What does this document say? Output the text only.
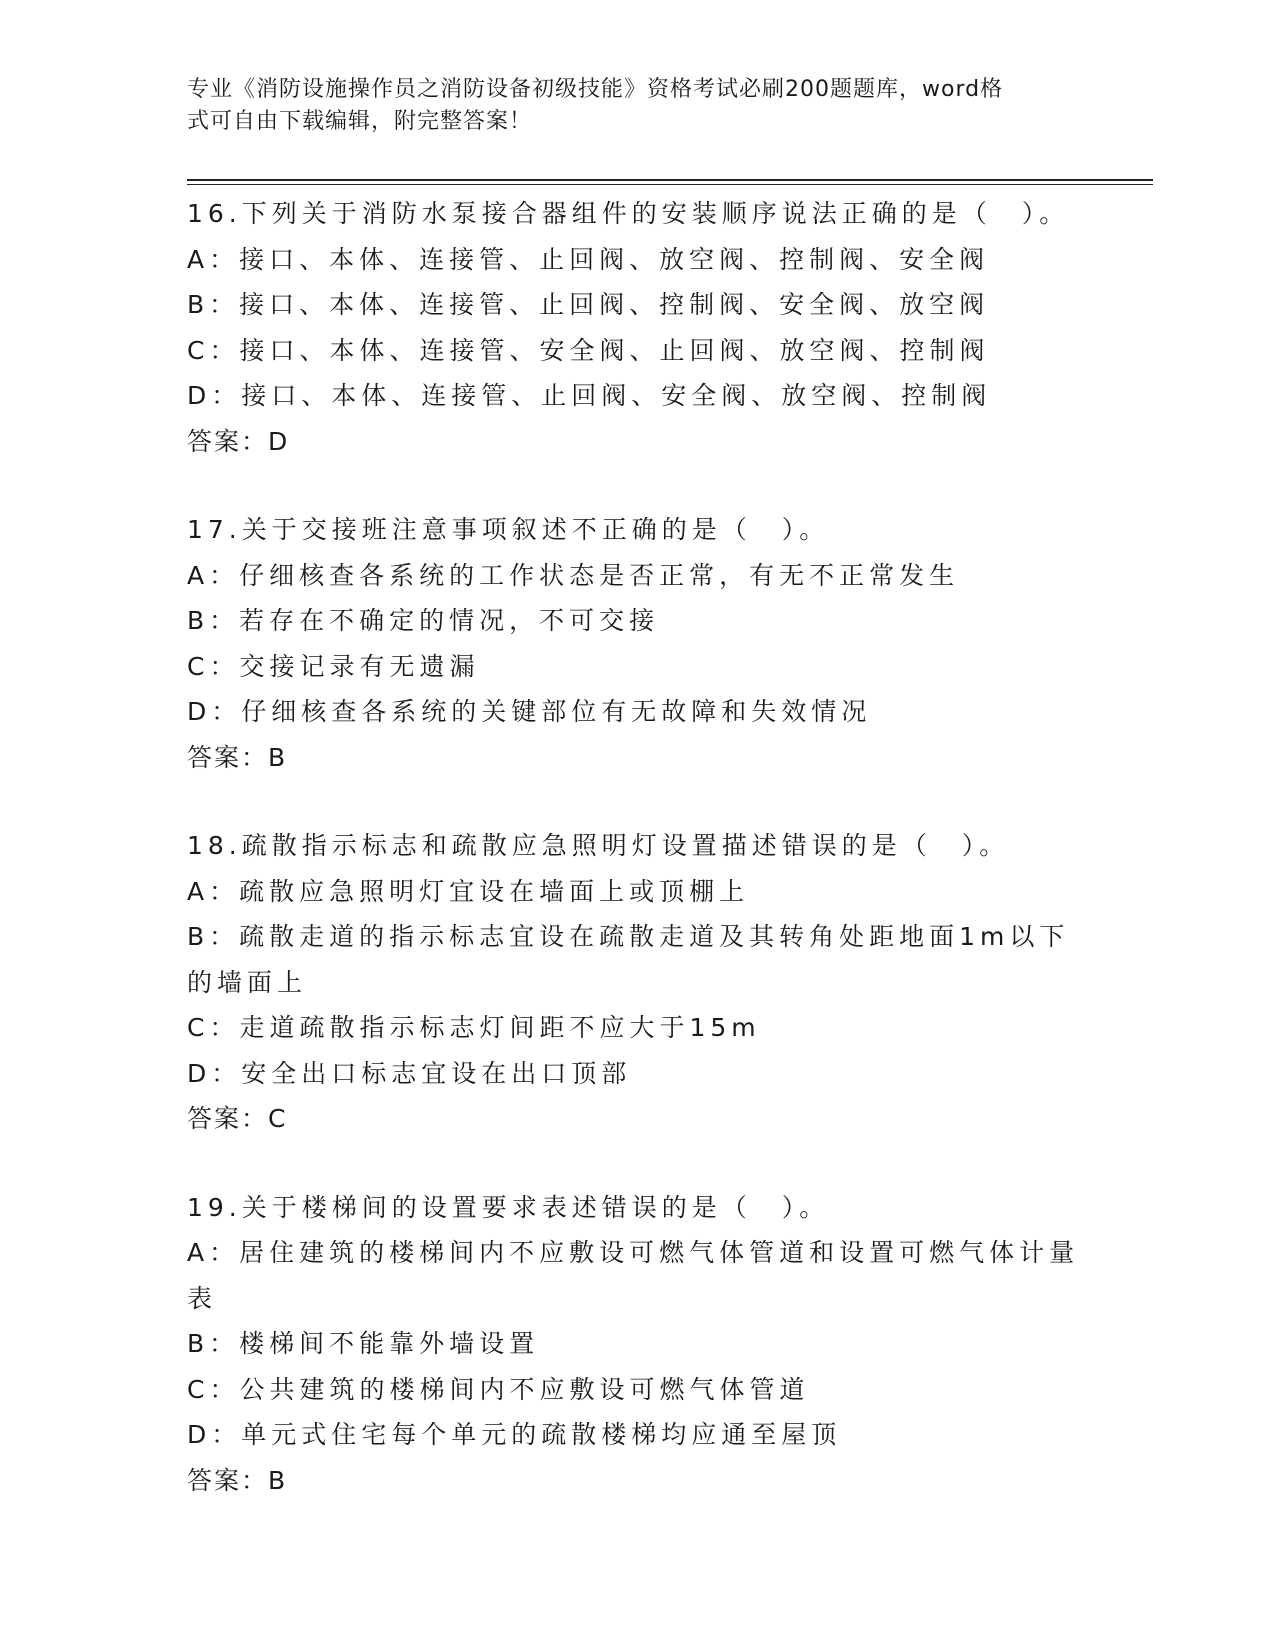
专业《消防设施操作员之消防设备初级技能》资格考试必刷200题题库，word格
式可自由下载编辑，附完整答案！
16.下列关于消防水泵接合器组件的安装顺序说法正确的是（　）。
A：接口、本体、连接管、止回阀、放空阀、控制阀、安全阀
B：接口、本体、连接管、止回阀、控制阀、安全阀、放空阀
C：接口、本体、连接管、安全阀、止回阀、放空阀、控制阀
D：接口、本体、连接管、止回阀、安全阀、放空阀、控制阀
答案：D
17.关于交接班注意事项叙述不正确的是（　）。
A：仔细核查各系统的工作状态是否正常，有无不正常发生
B：若存在不确定的情况，不可交接
C：交接记录有无遗漏
D：仔细核查各系统的关键部位有无故障和失效情况
答案：B
18.疏散指示标志和疏散应急照明灯设置描述错误的是（　）。
A：疏散应急照明灯宜设在墙面上或顶棚上
B：疏散走道的指示标志宜设在疏散走道及其转角处距地面1m以下的墙面上
C：走道疏散指示标志灯间距不应大于15m
D：安全出口标志宜设在出口顶部
答案：C
19.关于楼梯间的设置要求表述错误的是（　）。
A：居住建筑的楼梯间内不应敷设可燃气体管道和设置可燃气体计量表
B：楼梯间不能靠外墙设置
C：公共建筑的楼梯间内不应敷设可燃气体管道
D：单元式住宅每个单元的疏散楼梯均应通至屋顶
答案：B
